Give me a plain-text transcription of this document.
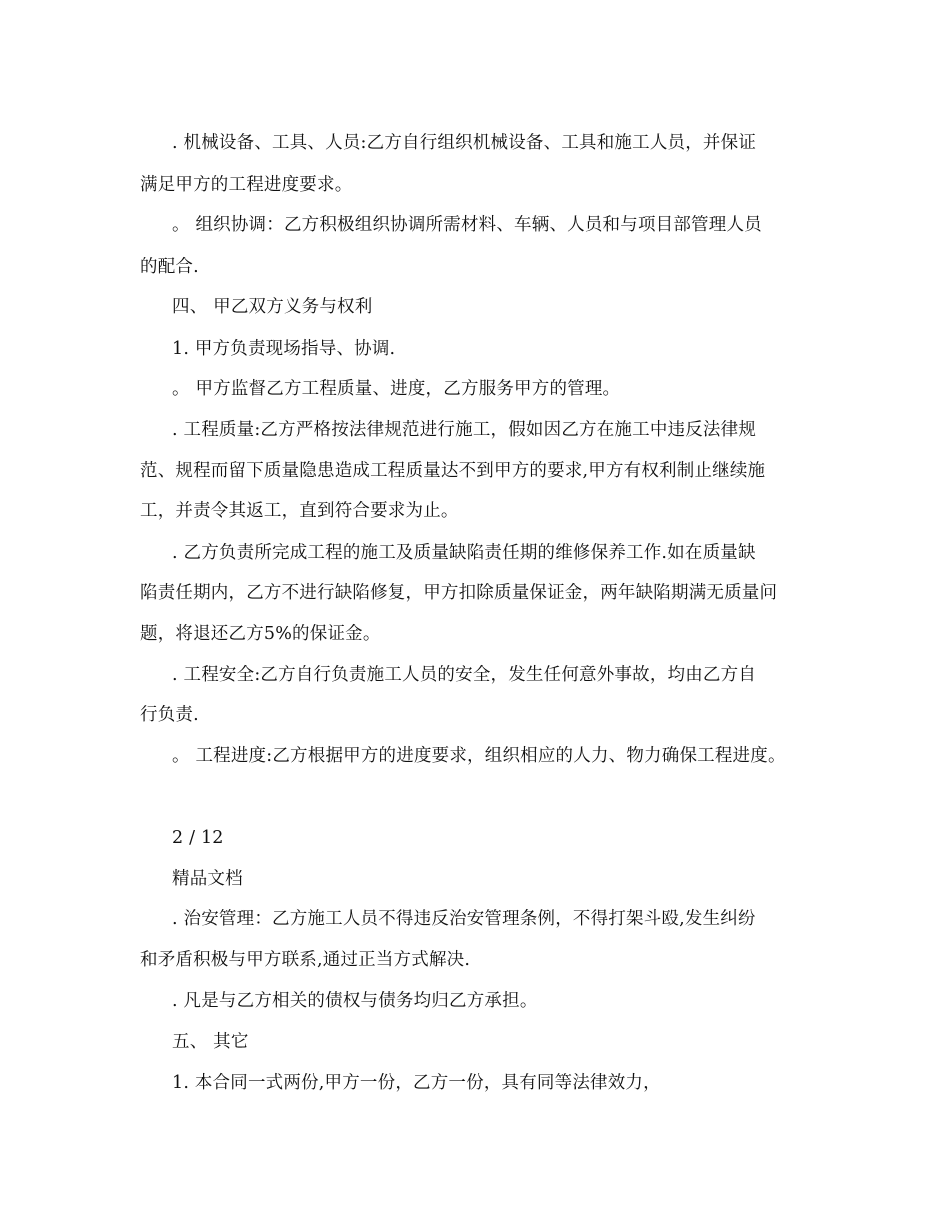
. 机械设备、工具、人员:乙方自行组织机械设备、工具和施工人员，并保证
满足甲方的工程进度要求。
。 组织协调：乙方积极组织协调所需材料、车辆、人员和与项目部管理人员
的配合.
四、 甲乙双方义务与权利
1. 甲方负责现场指导、协调.
。 甲方监督乙方工程质量、进度，乙方服务甲方的管理。
. 工程质量:乙方严格按法律规范进行施工，假如因乙方在施工中违反法律规
范、规程而留下质量隐患造成工程质量达不到甲方的要求,甲方有权利制止继续施
工，并责令其返工，直到符合要求为止。
. 乙方负责所完成工程的施工及质量缺陷责任期的维修保养工作.如在质量缺
陷责任期内，乙方不进行缺陷修复，甲方扣除质量保证金，两年缺陷期满无质量问
题，将退还乙方5%的保证金。
. 工程安全:乙方自行负责施工人员的安全，发生任何意外事故，均由乙方自
行负责.
。 工程进度:乙方根据甲方的进度要求，组织相应的人力、物力确保工程进度。
2 / 12
精品文档
. 治安管理：乙方施工人员不得违反治安管理条例，不得打架斗殴,发生纠纷
和矛盾积极与甲方联系,通过正当方式解决.
. 凡是与乙方相关的债权与债务均归乙方承担。
五、 其它
1. 本合同一式两份,甲方一份，乙方一份，具有同等法律效力，
